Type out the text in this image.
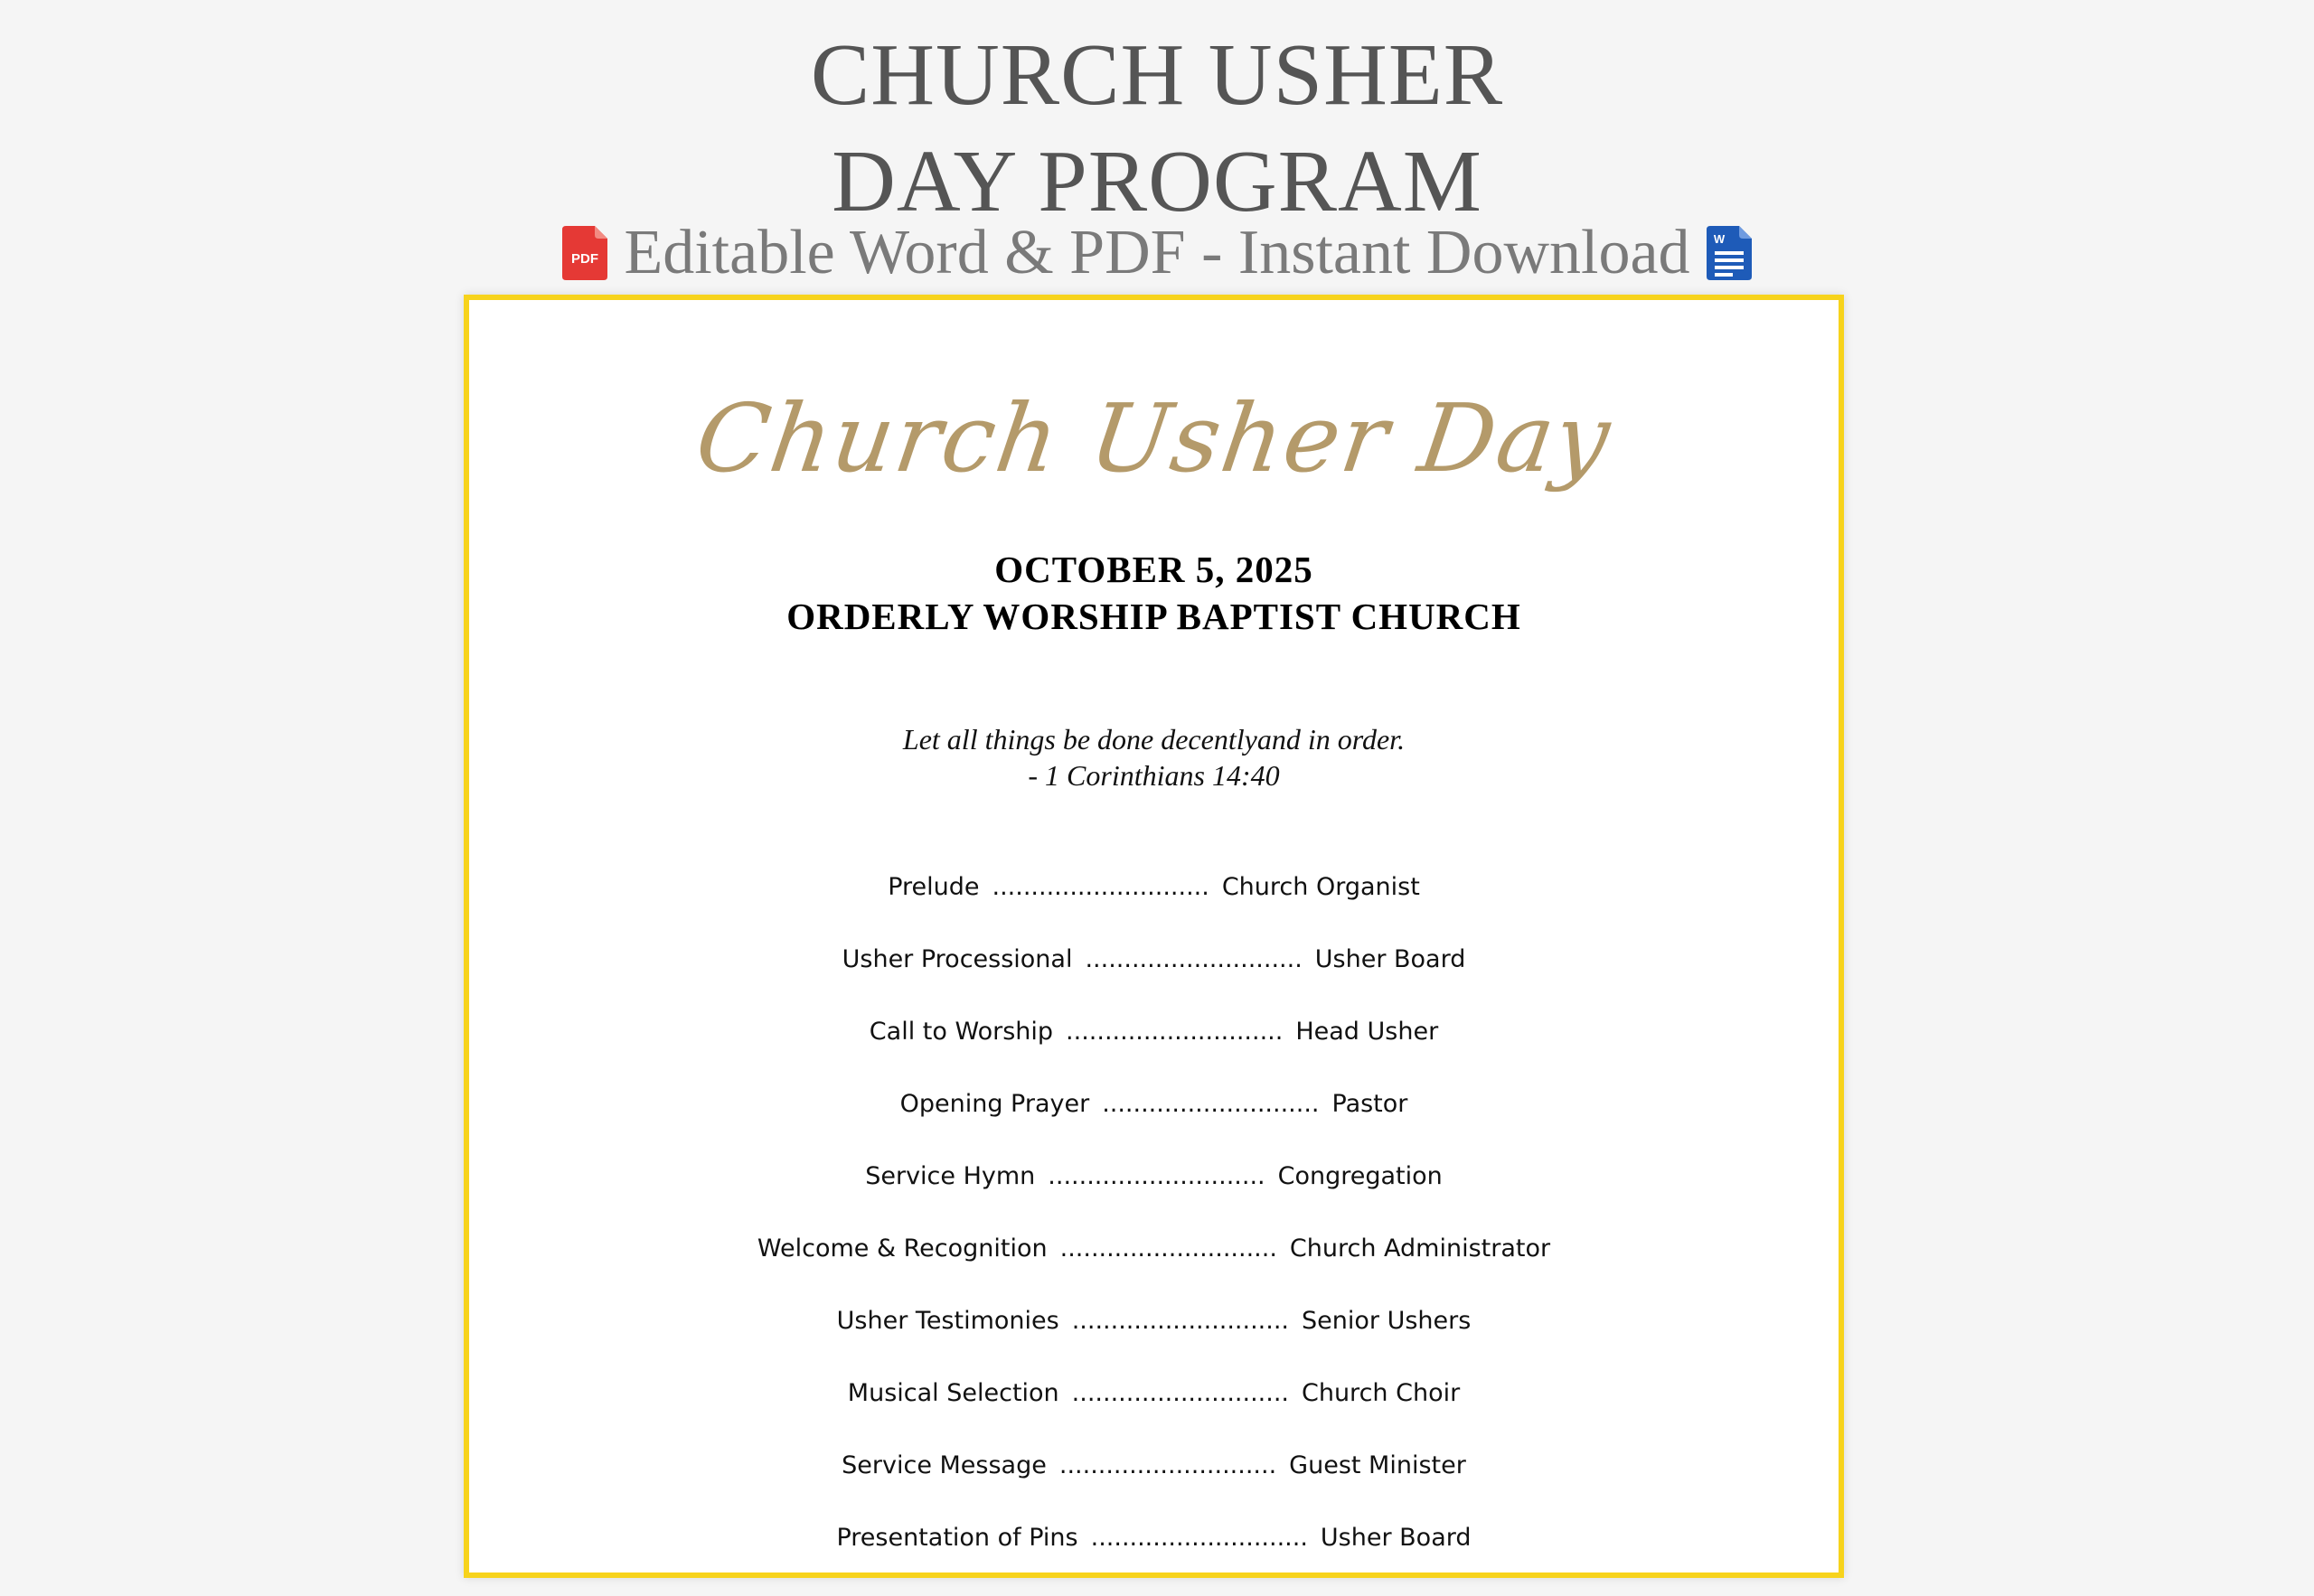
CHURCH USHER
DAY PROGRAM
PDF Editable Word & PDF - Instant Download W
Church Usher Day
OCTOBER 5, 2025
ORDERLY WORSHIP BAPTIST CHURCH
Let all things be done decentlyand in order.
- 1 Corinthians 14:40
Prelude ............................ Church Organist
Usher Processional ............................ Usher Board
Call to Worship ............................ Head Usher
Opening Prayer ............................ Pastor
Service Hymn ............................ Congregation
Welcome & Recognition ............................ Church Administrator
Usher Testimonies ............................ Senior Ushers
Musical Selection ............................ Church Choir
Service Message ............................ Guest Minister
Presentation of Pins ............................ Usher Board
